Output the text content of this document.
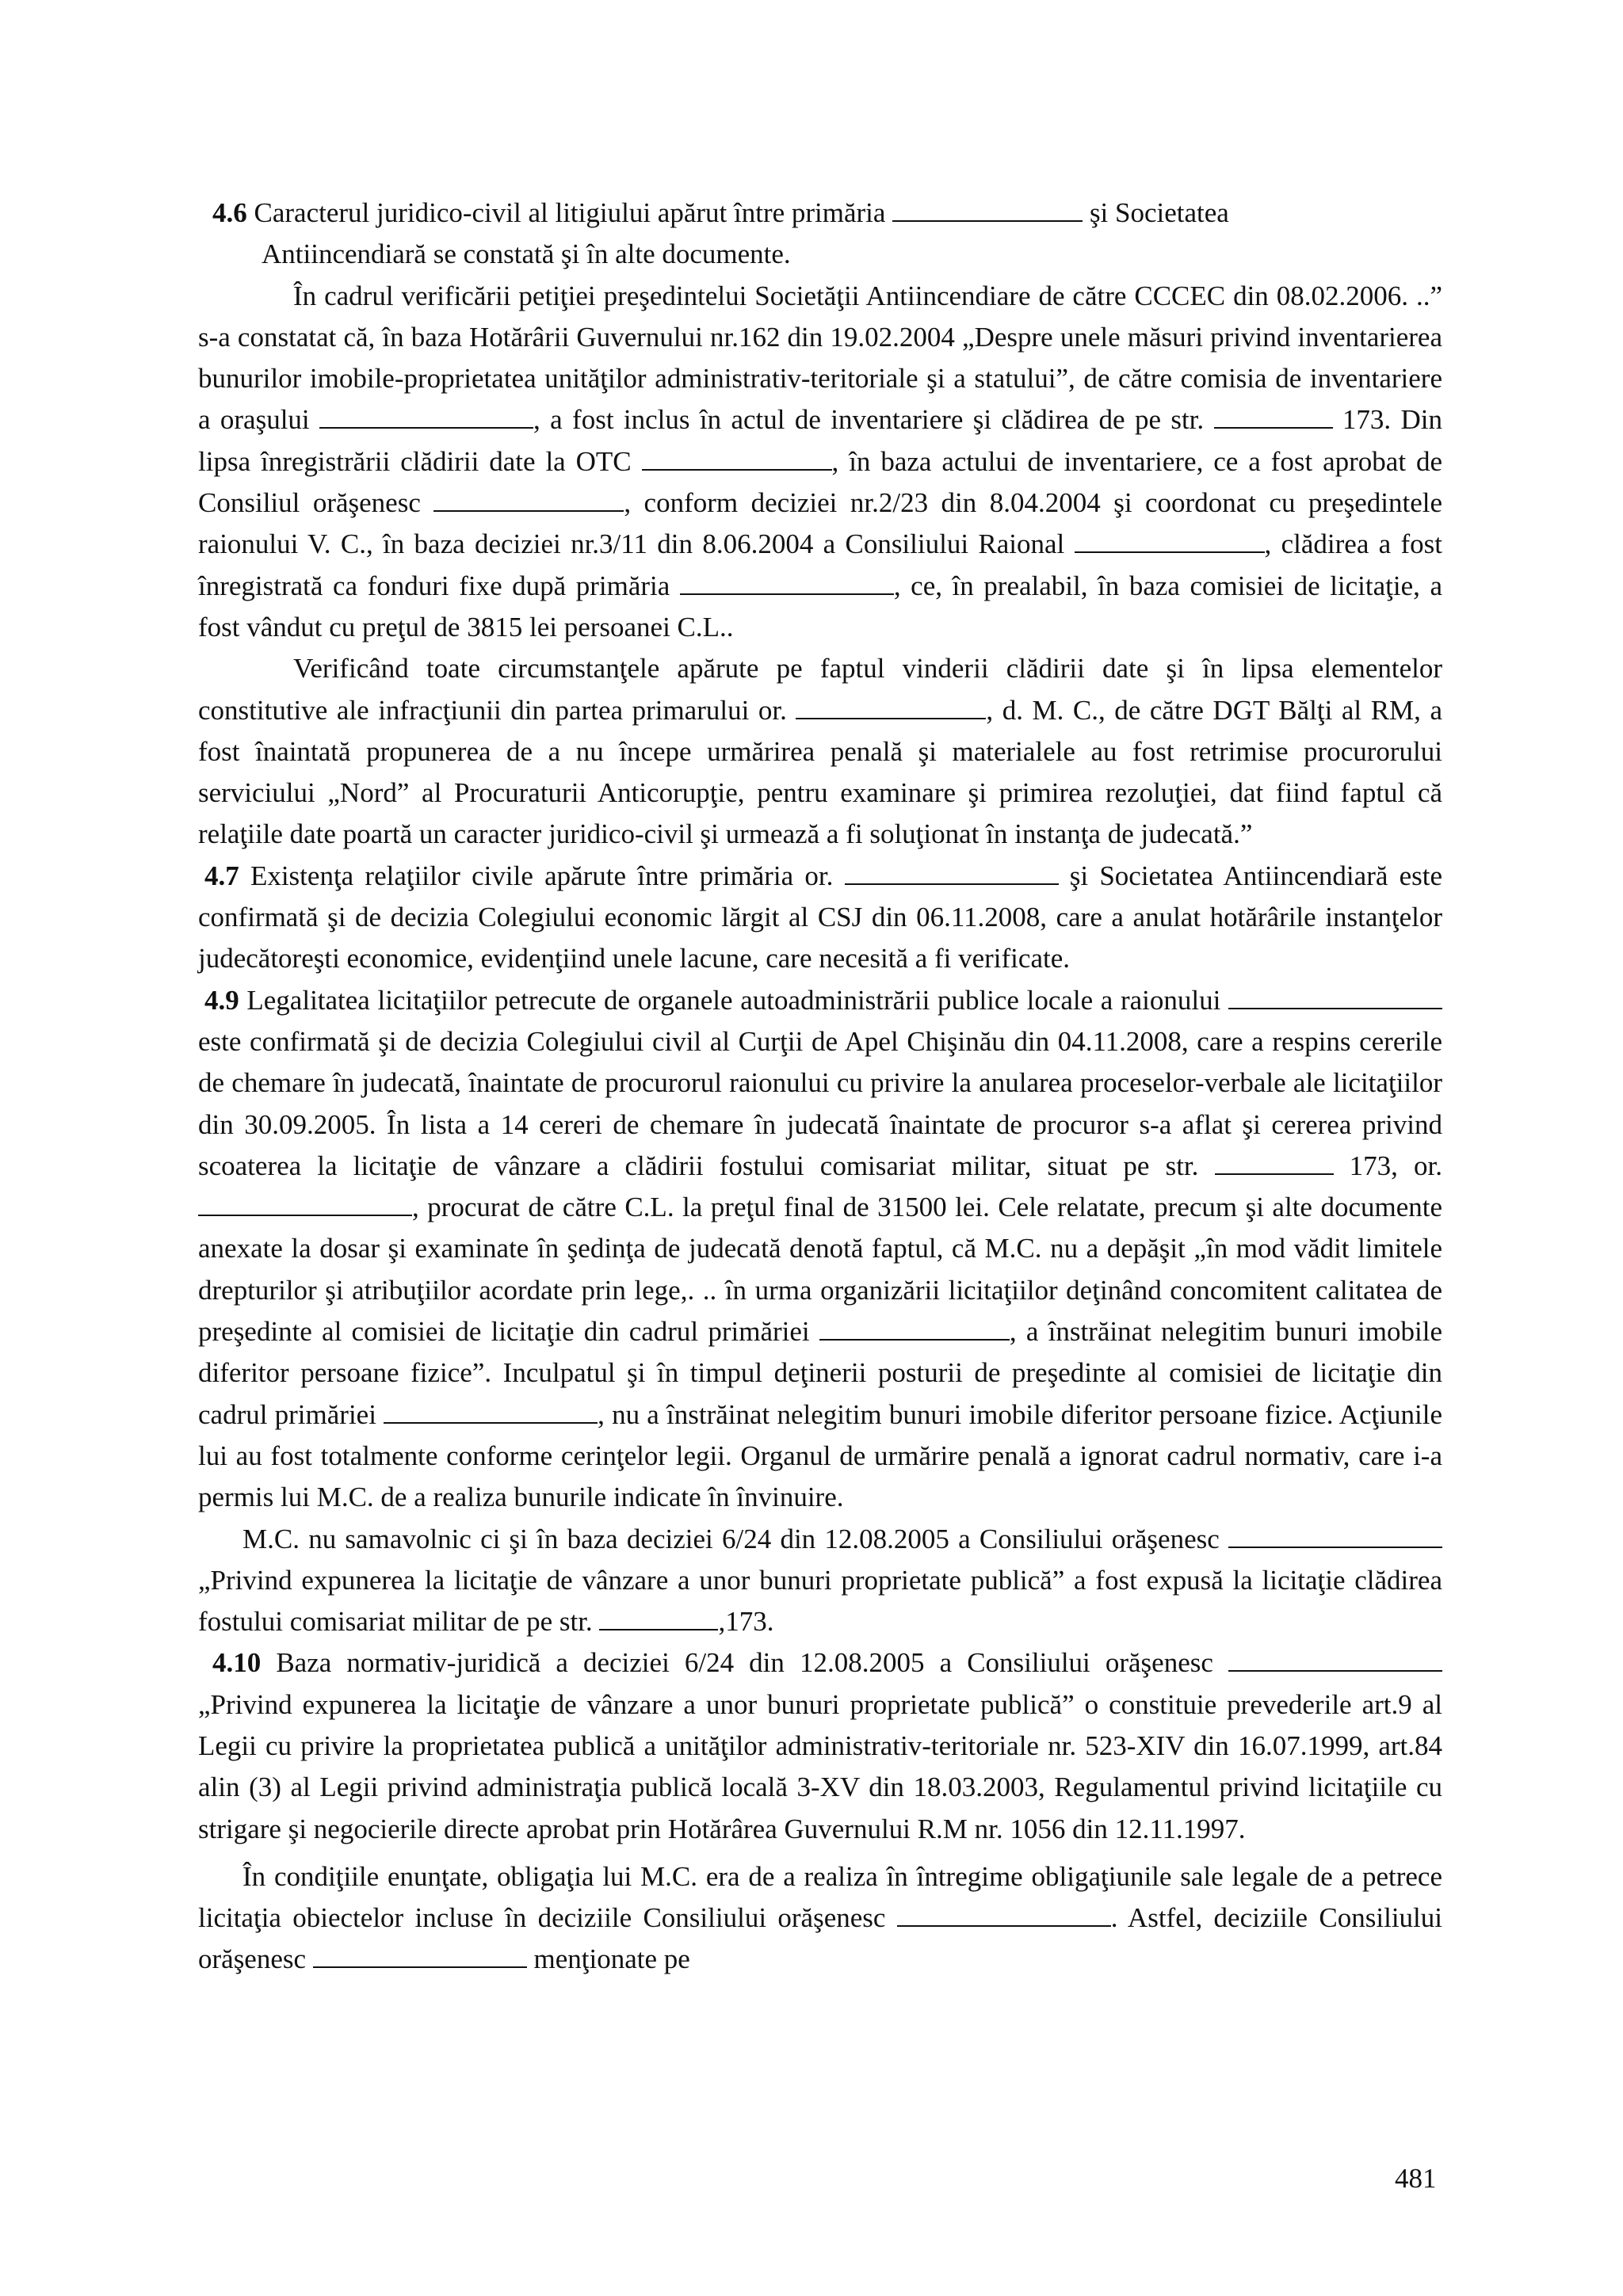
4.6 Caracterul juridico-civil al litigiului apărut între primăria	şi Societatea

Antiincendiară se constată şi în alte documente.

În cadrul verificării petiţiei preşedintelui Societăţii Antiincendiare de către CCCEC din 08.02.2006. ..” s-a constatat că, în baza Hotărârii Guvernului nr.162 din 19.02.2004 „Despre unele măsuri privind inventarierea bunurilor imobile-proprietatea unităţilor administrativ-teritoriale şi a statului”, de către comisia de inventariere a oraşului	, a fost inclus în actul de inventariere şi clădirea de pe str.	173. Din lipsa înregistrării clădirii date la OTC	, în baza actului de inventariere, ce a fost aprobat de Consiliul orăşenesc	, conform deciziei nr.2/23 din 8.04.2004 şi coordonat cu preşedintele raionului V. C., în baza deciziei nr.3/11 din 8.06.2004 a Consiliului Raional	, clădirea a fost înregistrată ca fonduri fixe după primăria	, ce, în prealabil, în baza comisiei de licitaţie, a fost vândut cu preţul de 3815 lei persoanei C.L..

Verificând toate circumstanţele apărute pe faptul vinderii clădirii date şi în lipsa elementelor constitutive ale infracţiunii din partea primarului or.	, d. M. C., de către DGT Bălţi al RM, a fost înaintată propunerea de a nu începe urmărirea penală şi materialele au fost retrimise procurorului serviciului „Nord” al Procuraturii Anticorupţie, pentru examinare şi primirea rezoluţiei, dat fiind faptul că relaţiile date poartă un caracter juridico-civil şi urmează a fi soluţionat în instanţa de judecată.”

4.7 Existenţa relaţiilor civile apărute între primăria or.	şi Societatea Antiincendiară este confirmată şi de decizia Colegiului economic lărgit al CSJ din 06.11.2008, care a anulat hotărârile instanţelor judecătoreşti economice, evidenţiind unele lacune, care necesită a fi verificate.

4.9 Legalitatea licitaţiilor petrecute de organele autoadministrării publice locale a raionului  este confirmată şi de decizia Colegiului civil al Curţii de Apel Chişinău din 04.11.2008, care a respins cererile de chemare în judecată, înaintate de procurorul raionului cu privire la anularea proceselor-verbale ale licitaţiilor din 30.09.2005. În lista a 14 cereri de chemare în judecată înaintate de procuror s-a aflat şi cererea privind scoaterea la licitaţie de vânzare a clădirii fostului comisariat militar, situat pe str.	173, or. , procurat de către C.L. la preţul final de 31500 lei. Cele relatate, precum şi alte documente anexate la dosar şi examinate în şedinţa de judecată denotă faptul, că M.C. nu a depăşit „în mod vădit limitele drepturilor şi atribuţiilor acordate prin lege,. .. în urma organizării licitaţiilor deţinând concomitent calitatea de preşedinte al comisiei de licitaţie din cadrul primăriei	, a înstrăinat nelegitim bunuri imobile diferitor persoane fizice”. Inculpatul şi în timpul deţinerii posturii de preşedinte al comisiei de licitaţie din cadrul primăriei	, nu a înstrăinat nelegitim bunuri imobile diferitor persoane fizice. Acţiunile lui au fost totalmente conforme cerinţelor legii. Organul de urmărire penală a ignorat cadrul normativ, care i-a permis lui M.C. de a realiza bunurile indicate în învinuire.

M.C. nu samavolnic ci şi în baza deciziei 6/24 din 12.08.2005 a Consiliului orăşenesc  „Privind expunerea la licitaţie de vânzare a unor bunuri proprietate publică” a fost expusă la licitaţie clădirea fostului comisariat militar de pe str.	,173.

4.10 Baza normativ-juridică a deciziei 6/24 din 12.08.2005 a Consiliului orăşenesc  „Privind expunerea la licitaţie de vânzare a unor bunuri proprietate publică” o constituie prevederile art.9 al Legii cu privire la proprietatea publică a unităţilor administrativ-teritoriale nr. 523-XIV din 16.07.1999, art.84 alin (3) al Legii privind administraţia publică locală 3-XV din 18.03.2003, Regulamentul privind licitaţiile cu strigare şi negocierile directe aprobat prin Hotărârea Guvernului R.M nr. 1056 din 12.11.1997.

În condiţiile enunţate, obligaţia lui M.C. era de a realiza în întregime obligaţiunile sale legale de a petrece licitaţia obiectelor incluse în deciziile Consiliului orăşenesc	. Astfel, deciziile Consiliului orăşenesc	menţionate pe

481
